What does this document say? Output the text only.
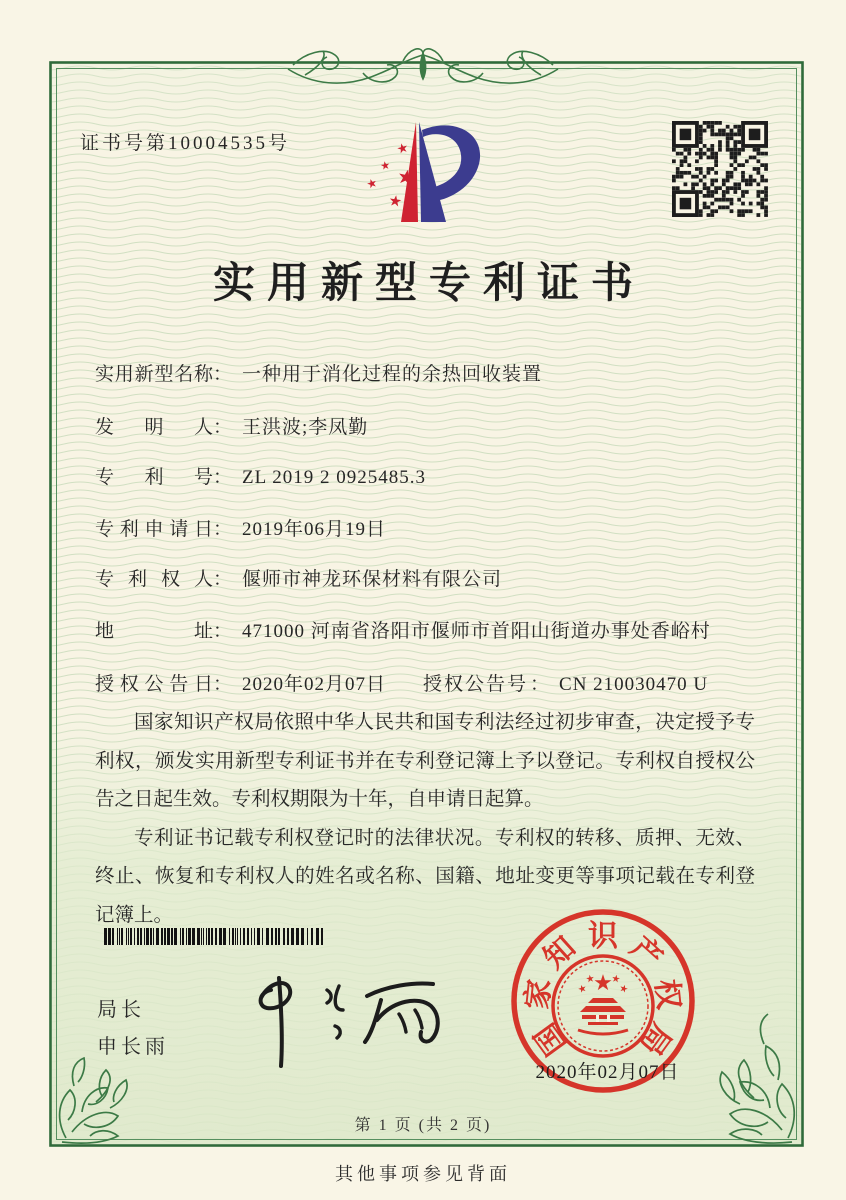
证书号第10004535号	★
★ ★
★
★
实用新型专利证书
实用新型名称： 一种用于消化过程的余热回收装置
发明人： 王洪波;李凤勤
专利号： ZL 2019 2 0925485.3
专利申请日： 2019年06月19日
专利权人： 偃师市神龙环保材料有限公司
地址： 471000 河南省洛阳市偃师市首阳山街道办事处香峪村
授权公告日： 2020年02月07日 授权公告号 ： CN 210030470 U

国家知识产权局依照中华人民共和国专利法经过初步审查，决定授予专利权，颁发实用新型专利证书并在专利登记簿上予以登记。专利权自授权公告之日起生效。专利权期限为十年，自申请日起算。

专利证书记载专利权登记时的法律状况。专利权的转移、质押、无效、终止、恢复和专利权人的姓名或名称、国籍、地址变更等事项记载在专利登记簿上。

局长
申长雨	国
家
知 识 产
权
局
★
★
★ ★
★
2020年02月07日
第 1 页 (共 2 页)
其他事项参见背面
